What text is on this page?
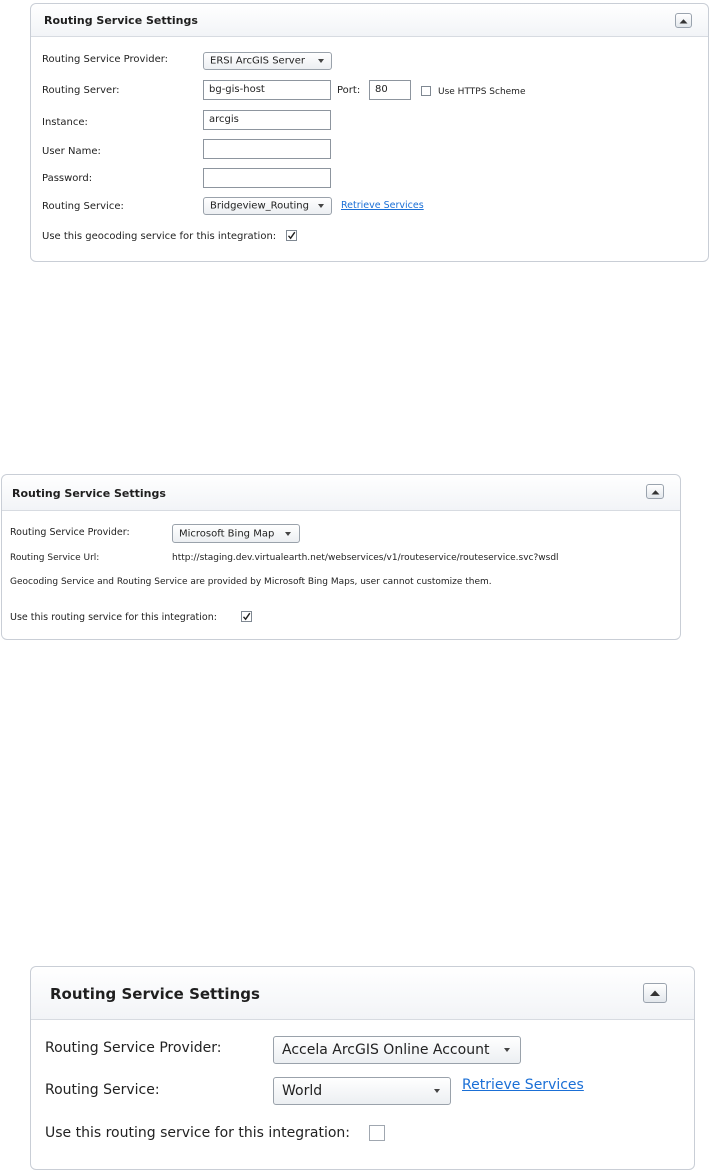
Routing Service Settings
Routing Service Provider:	ERSI ArcGIS Server
Routing Server:	bg-gis-host	Port:	80	Use HTTPS Scheme
Instance:	arcgis
User Name:
Password:
Routing Service:	Bridgeview_Routing	Retrieve Services
Use this geocoding service for this integration:
Routing Service Settings
Routing Service Provider:	Microsoft Bing Map
Routing Service Url:	http://staging.dev.virtualearth.net/webservices/v1/routeservice/routeservice.svc?wsdl
Geocoding Service and Routing Service are provided by Microsoft Bing Maps, user cannot customize them.
Use this routing service for this integration:
Routing Service Settings
Routing Service Provider:	Accela ArcGIS Online Account
Routing Service:	World	Retrieve Services
Use this routing service for this integration:
